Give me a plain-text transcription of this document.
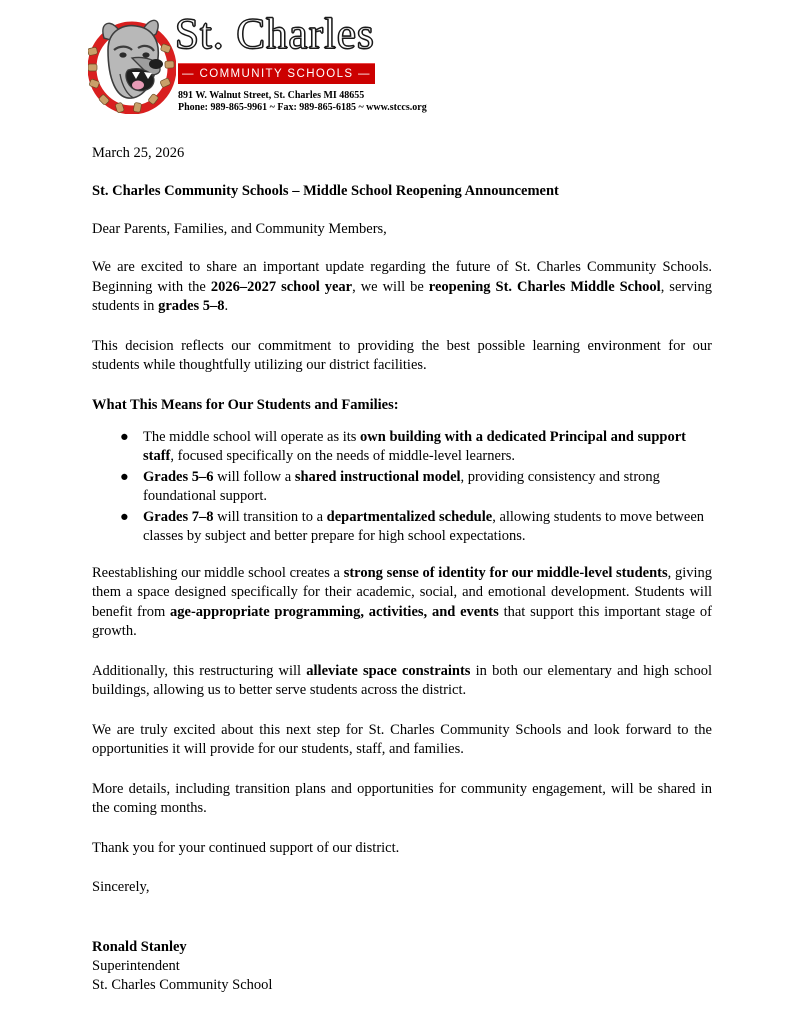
St. Charles
— COMMUNITY SCHOOLS —
891 W. Walnut Street, St. Charles MI 48655
Phone: 989-865-9961 ~ Fax: 989-865-6185 ~ www.stccs.org
March 25, 2026
St. Charles Community Schools – Middle School Reopening Announcement
Dear Parents, Families, and Community Members,

We are excited to share an important update regarding the future of St. Charles Community Schools. Beginning with the 2026–2027 school year, we will be reopening St. Charles Middle School, serving students in grades 5–8.

This decision reflects our commitment to providing the best possible learning environment for our students while thoughtfully utilizing our district facilities.

What This Means for Our Students and Families:
● The middle school will operate as its own building with a dedicated Principal and support staff, focused specifically on the needs of middle-level learners.
● Grades 5–6 will follow a shared instructional model, providing consistency and strong foundational support.
● Grades 7–8 will transition to a departmentalized schedule, allowing students to move between classes by subject and better prepare for high school expectations.

Reestablishing our middle school creates a strong sense of identity for our middle-level students, giving them a space designed specifically for their academic, social, and emotional development. Students will benefit from age-appropriate programming, activities, and events that support this important stage of growth.

Additionally, this restructuring will alleviate space constraints in both our elementary and high school buildings, allowing us to better serve students across the district.

We are truly excited about this next step for St. Charles Community Schools and look forward to the opportunities it will provide for our students, staff, and families.

More details, including transition plans and opportunities for community engagement, will be shared in the coming months.

Thank you for your continued support of our district.

Sincerely,

Ronald Stanley
Superintendent
St. Charles Community School
